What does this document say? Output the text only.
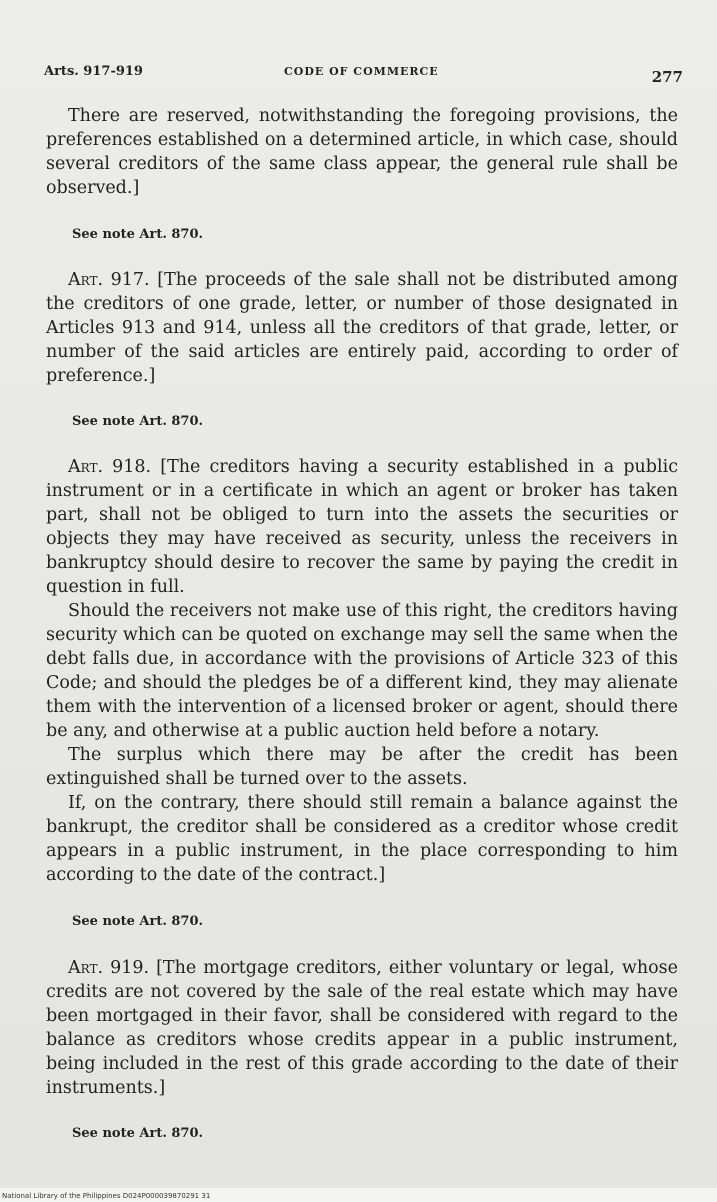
Arts. 917-919	CODE OF COMMERCE	277

There are reserved, notwithstanding the foregoing provisions, the preferences established on a determined article, in which case, should several creditors of the same class appear, the general rule shall be observed.]

See note Art. 870.

Art. 917. [The proceeds of the sale shall not be distributed among the creditors of one grade, letter, or number of those designated in Articles 913 and 914, unless all the creditors of that grade, letter, or number of the said articles are entirely paid, according to order of preference.]

See note Art. 870.

Art. 918. [The creditors having a security established in a public instrument or in a certificate in which an agent or broker has taken part, shall not be obliged to turn into the assets the securities or objects they may have received as security, unless the receivers in bankruptcy should desire to recover the same by paying the credit in question in full.

Should the receivers not make use of this right, the creditors having security which can be quoted on exchange may sell the same when the debt falls due, in accordance with the provisions of Article 323 of this Code; and should the pledges be of a different kind, they may alienate them with the intervention of a licensed broker or agent, should there be any, and otherwise at a public auction held before a notary.

The surplus which there may be after the credit has been extinguished shall be turned over to the assets.

If, on the contrary, there should still remain a balance against the bankrupt, the creditor shall be considered as a creditor whose credit appears in a public instrument, in the place corresponding to him according to the date of the contract.]

See note Art. 870.

Art. 919. [The mortgage creditors, either voluntary or legal, whose credits are not covered by the sale of the real estate which may have been mortgaged in their favor, shall be considered with regard to the balance as creditors whose credits appear in a public instrument, being included in the rest of this grade according to the date of their instruments.]

See note Art. 870.

National Library of the Philippines D024P000039870291 31
